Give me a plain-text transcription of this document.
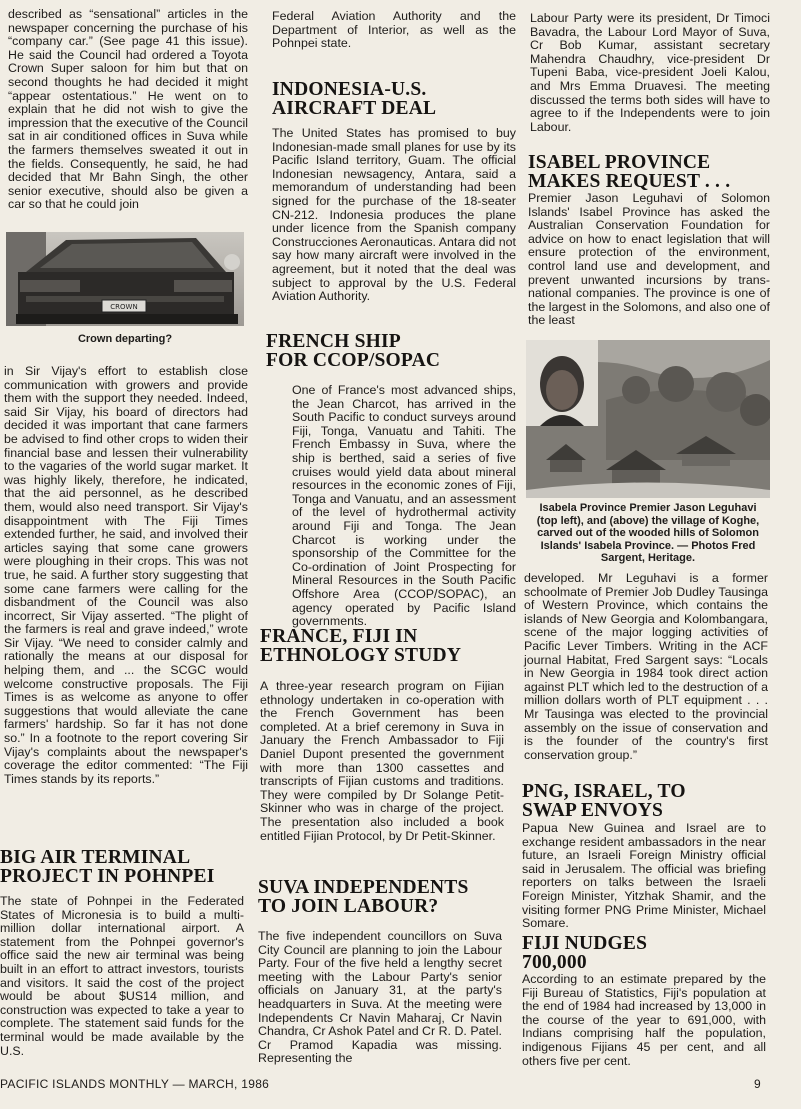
described as “sensational” articles in the newspaper concerning the purchase of his “company car.” (See page 41 this issue). He said the Council had ordered a Toyota Crown Super saloon for him but that on second thoughts he had decided it might “appear ostentatious.” He went on to explain that he did not wish to give the impression that the executive of the Council sat in air conditioned offices in Suva while the farmers themselves sweated it out in the fields. Consequently, he said, he had decided that Mr Bahn Singh, the other senior executive, should also be given a car so that he could join

CROWN

Crown departing?

in Sir Vijay's effort to establish close communication with growers and provide them with the support they needed. Indeed, said Sir Vijay, his board of directors had decided it was important that cane farmers be advised to find other crops to widen their financial base and lessen their vulnerability to the vagaries of the world sugar market. It was highly likely, therefore, he indicated, that the aid personnel, as he described them, would also need transport. Sir Vijay's disappointment with The Fiji Times extended further, he said, and involved their articles saying that some cane growers were ploughing in their crops. This was not true, he said. A further story suggesting that some cane farmers were calling for the disbandment of the Council was also incorrect, Sir Vijay asserted. “The plight of the farmers is real and grave indeed,” wrote Sir Vijay. “We need to consider calmly and rationally the means at our disposal for helping them, and ... the SCGC would welcome constructive proposals. The Fiji Times is as welcome as anyone to offer suggestions that would alleviate the cane farmers' hardship. So far it has not done so.” In a footnote to the report covering Sir Vijay's complaints about the newspaper's coverage the editor commented: “The Fiji Times stands by its reports.”

BIG AIR TERMINAL

PROJECT IN POHNPEI

The state of Pohnpei in the Federated States of Micronesia is to build a multi-million dollar international airport. A statement from the Pohnpei governor's office said the new air terminal was being built in an effort to attract investors, tourists and visitors. It said the cost of the project would be about $US14 million, and construction was expected to take a year to complete. The statement said funds for the terminal would be made available by the U.S.

Federal Aviation Authority and the Department of Interior, as well as the Pohnpei state.

INDONESIA-U.S.

AIRCRAFT DEAL

The United States has promised to buy Indonesian-made small planes for use by its Pacific Island territory, Guam. The official Indonesian newsagency, Antara, said a memorandum of understanding had been signed for the purchase of the 18-seater CN-212. Indonesia produces the plane under licence from the Spanish company Construcciones Aeronauticas. Antara did not say how many aircraft were involved in the agreement, but it noted that the deal was subject to approval by the U.S. Federal Aviation Authority.

FRENCH SHIP

FOR CCOP/SOPAC

One of France's most advanced ships, the Jean Charcot, has arrived in the South Pacific to conduct surveys around Fiji, Tonga, Vanuatu and Tahiti. The French Embassy in Suva, where the ship is berthed, said a series of five cruises would yield data about mineral resources in the economic zones of Fiji, Tonga and Vanuatu, and an assessment of the level of hydrothermal activity around Fiji and Tonga. The Jean Charcot is working under the sponsorship of the Committee for the Co-ordination of Joint Prospecting for Mineral Resources in the South Pacific Offshore Area (CCOP/SOPAC), an agency operated by Pacific Island governments.

FRANCE, FIJI IN

ETHNOLOGY STUDY

A three-year research program on Fijian ethnology undertaken in co-operation with the French Government has been completed. At a brief ceremony in Suva in January the French Ambassador to Fiji Daniel Dupont presented the government with more than 1300 cassettes and transcripts of Fijian customs and traditions. They were compiled by Dr Solange Petit-Skinner who was in charge of the project. The presentation also included a book entitled Fijian Protocol, by Dr Petit-Skinner.

SUVA INDEPENDENTS

TO JOIN LABOUR?

The five independent councillors on Suva City Council are planning to join the Labour Party. Four of the five held a lengthy secret meeting with the Labour Party's senior officials on January 31, at the party's headquarters in Suva. At the meeting were Independents Cr Navin Maharaj, Cr Navin Chandra, Cr Ashok Patel and Cr R. D. Patel. Cr Pramod Kapadia was missing. Representing the

Labour Party were its president, Dr Timoci Bavadra, the Labour Lord Mayor of Suva, Cr Bob Kumar, assistant secretary Mahendra Chaudhry, vice-president Dr Tupeni Baba, vice-president Joeli Kalou, and Mrs Emma Druavesi. The meeting discussed the terms both sides will have to agree to if the Independents were to join Labour.

ISABEL PROVINCE

MAKES REQUEST . . .

Premier Jason Leguhavi of Solomon Islands' Isabel Province has asked the Australian Conservation Foundation for advice on how to enact legislation that will ensure protection of the environment, control land use and development, and prevent unwanted incursions by trans-national companies. The province is one of the largest in the Solomons, and also one of the least

Isabela Province Premier Jason Leguhavi (top left), and (above) the village of Koghe, carved out of the wooded hills of Solomon Islands' Isabela Province. — Photos Fred Sargent, Heritage.

developed. Mr Leguhavi is a former schoolmate of Premier Job Dudley Tausinga of Western Province, which contains the islands of New Georgia and Kolombangara, scene of the major logging activities of Pacific Lever Timbers. Writing in the ACF journal Habitat, Fred Sargent says: “Locals in New Georgia in 1984 took direct action against PLT which led to the destruction of a million dollars worth of PLT equipment . . . Mr Tausinga was elected to the provincial assembly on the issue of conservation and is the founder of the country's first conservation group.”

PNG, ISRAEL, TO

SWAP ENVOYS

Papua New Guinea and Israel are to exchange resident ambassadors in the near future, an Israeli Foreign Ministry official said in Jerusalem. The official was briefing reporters on talks between the Israeli Foreign Minister, Yitzhak Shamir, and the visiting former PNG Prime Minister, Michael Somare.

FIJI NUDGES

700,000

According to an estimate prepared by the Fiji Bureau of Statistics, Fiji's population at the end of 1984 had increased by 13,000 in the course of the year to 691,000, with Indians comprising half the population, indigenous Fijians 45 per cent, and all others five per cent.

PACIFIC ISLANDS MONTHLY — MARCH, 1986	9
